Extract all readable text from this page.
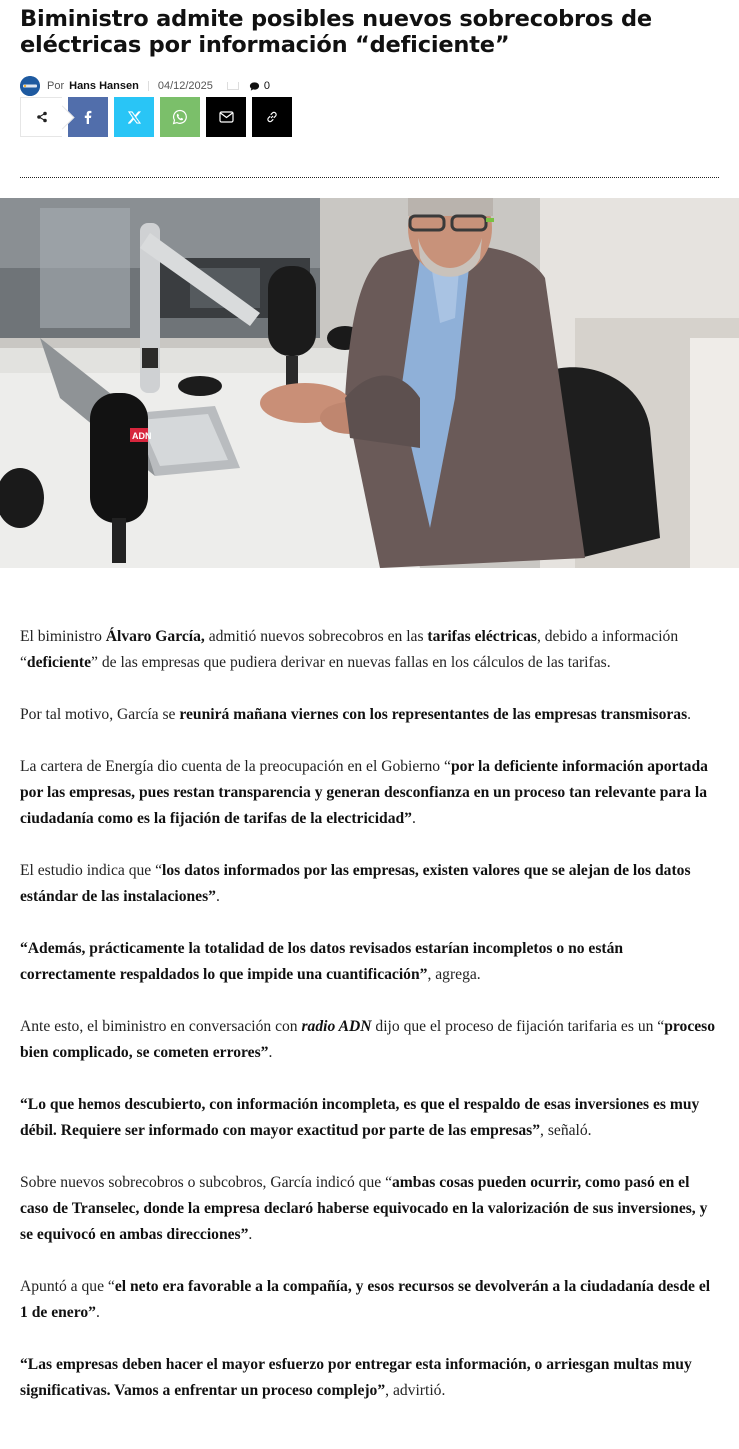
Biministro admite posibles nuevos sobrecobros de eléctricas por información “deficiente”
Por Hans Hansen 04/12/2025	0
ADN

El biministro Álvaro García, admitió nuevos sobrecobros en las tarifas eléctricas, debido a información “deficiente” de las empresas que pudiera derivar en nuevas fallas en los cálculos de las tarifas.

Por tal motivo, García se reunirá mañana viernes con los representantes de las empresas transmisoras.

La cartera de Energía dio cuenta de la preocupación en el Gobierno “por la deficiente información aportada por las empresas, pues restan transparencia y generan desconfianza en un proceso tan relevante para la ciudadanía como es la fijación de tarifas de la electricidad”.

El estudio indica que “los datos informados por las empresas, existen valores que se alejan de los datos estándar de las instalaciones”.

“Además, prácticamente la totalidad de los datos revisados estarían incompletos o no están correctamente respaldados lo que impide una cuantificación”, agrega.

Ante esto, el biministro en conversación con radio ADN dijo que el proceso de fijación tarifaria es un “proceso bien complicado, se cometen errores”.

“Lo que hemos descubierto, con información incompleta, es que el respaldo de esas inversiones es muy débil. Requiere ser informado con mayor exactitud por parte de las empresas”, señaló.

Sobre nuevos sobrecobros o subcobros, García indicó que “ambas cosas pueden ocurrir, como pasó en el caso de Transelec, donde la empresa declaró haberse equivocado en la valorización de sus inversiones, y se equivocó en ambas direcciones”.

Apuntó a que “el neto era favorable a la compañía, y esos recursos se devolverán a la ciudadanía desde el 1 de enero”.

“Las empresas deben hacer el mayor esfuerzo por entregar esta información, o arriesgan multas muy significativas. Vamos a enfrentar un proceso complejo”, advirtió.
